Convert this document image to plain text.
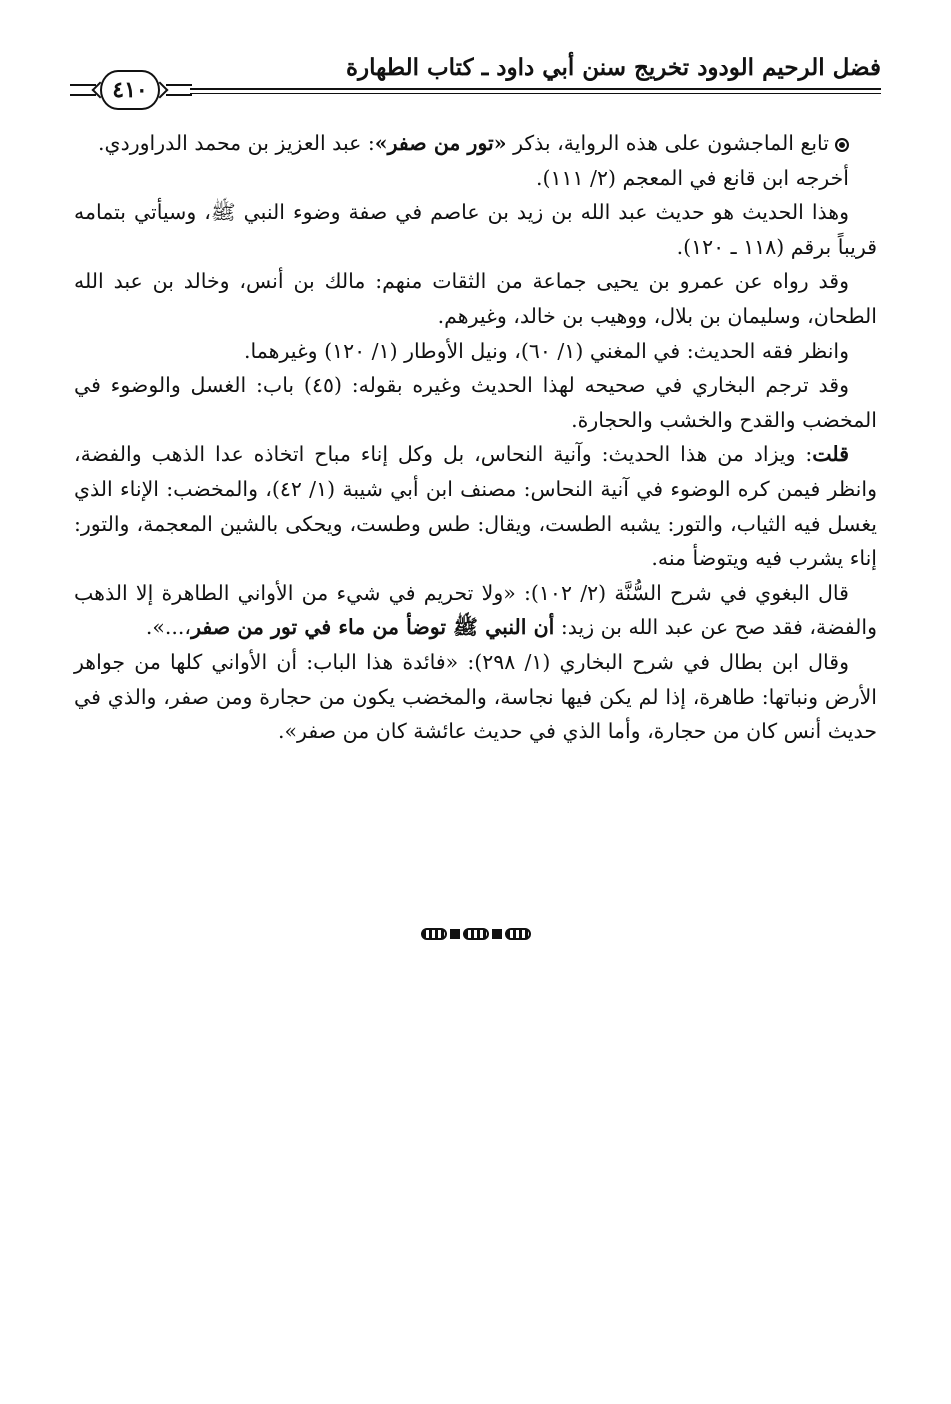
فضل الرحيم الودود تخريج سنن أبي داود ـ كتاب الطهارة
٤١٠

تابع الماجشون على هذه الرواية، بذكر «تور من صفر»: عبد العزيز بن محمد الدراوردي.

أخرجه ابن قانع في المعجم (٢/ ١١١).

وهذا الحديث هو حديث عبد الله بن زيد بن عاصم في صفة وضوء النبي ﷺ، وسيأتي بتمامه قريباً برقم (١١٨ ـ ١٢٠).

وقد رواه عن عمرو بن يحيى جماعة من الثقات منهم: مالك بن أنس، وخالد بن عبد الله الطحان، وسليمان بن بلال، ووهيب بن خالد، وغيرهم.

وانظر فقه الحديث: في المغني (١/ ٦٠)، ونيل الأوطار (١/ ١٢٠) وغيرهما.

وقد ترجم البخاري في صحيحه لهذا الحديث وغيره بقوله: (٤٥) باب: الغسل والوضوء في المخضب والقدح والخشب والحجارة.

قلت: ويزاد من هذا الحديث: وآنية النحاس، بل وكل إناء مباح اتخاذه عدا الذهب والفضة، وانظر فيمن كره الوضوء في آنية النحاس: مصنف ابن أبي شيبة (١/ ٤٢)، والمخضب: الإناء الذي يغسل فيه الثياب، والتور: يشبه الطست، ويقال: طس وطست، ويحكى بالشين المعجمة، والتور: إناء يشرب فيه ويتوضأ منه.

قال البغوي في شرح السُّنَّة (٢/ ١٠٢): «ولا تحريم في شيء من الأواني الطاهرة إلا الذهب والفضة، فقد صح عن عبد الله بن زيد: أن النبي ﷺ توضأ من ماء في تور من صفر،...».

وقال ابن بطال في شرح البخاري (١/ ٢٩٨): «فائدة هذا الباب: أن الأواني كلها من جواهر الأرض ونباتها: طاهرة، إذا لم يكن فيها نجاسة، والمخضب يكون من حجارة ومن صفر، والذي في حديث أنس كان من حجارة، وأما الذي في حديث عائشة كان من صفر».
